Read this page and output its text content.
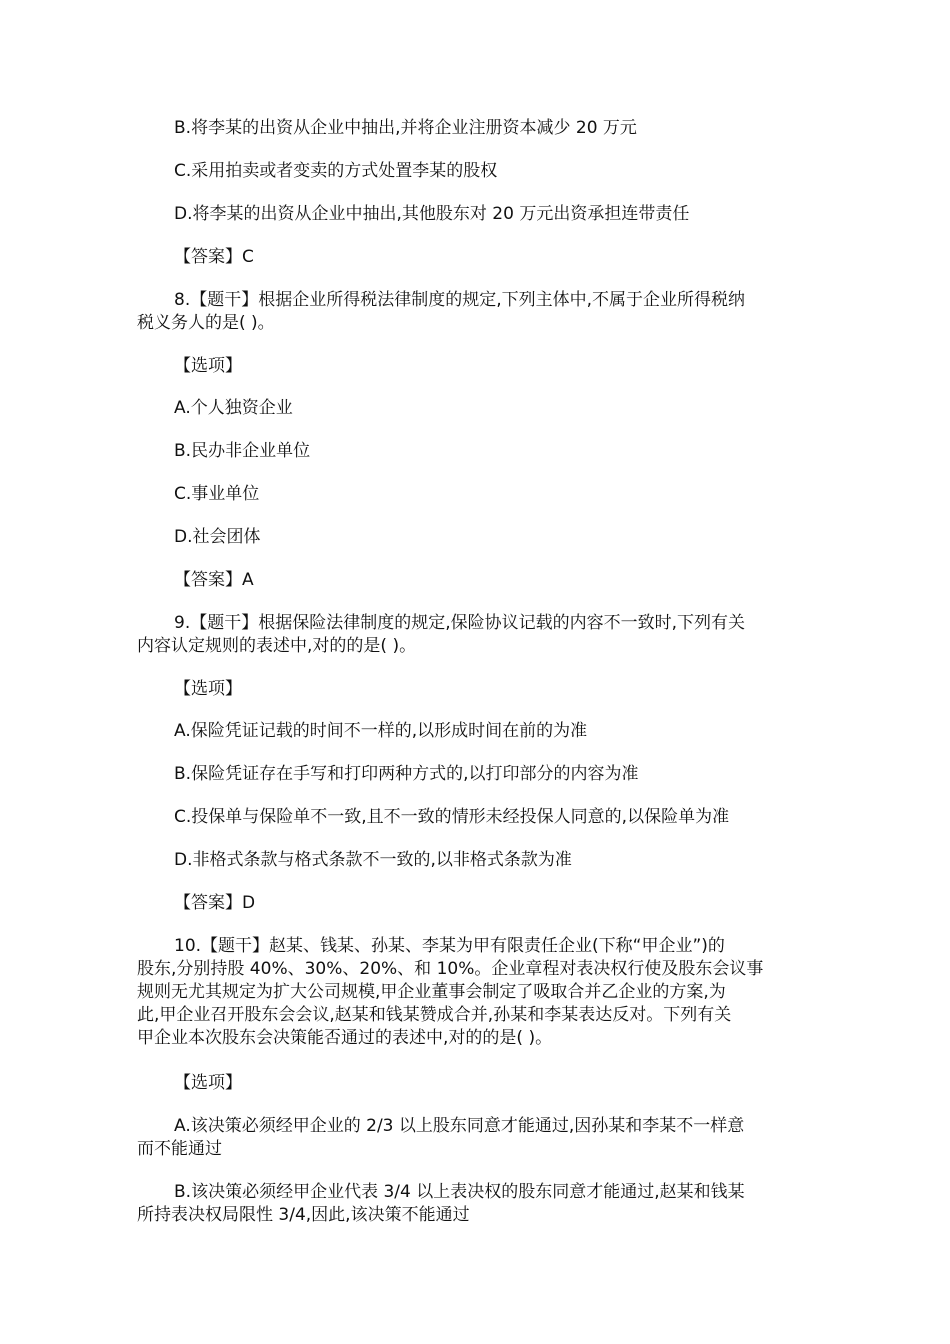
B.将李某的出资从企业中抽出,并将企业注册资本减少 20 万元
C.采用拍卖或者变卖的方式处置李某的股权
D.将李某的出资从企业中抽出,其他股东对 20 万元出资承担连带责任
【答案】C
8.【题干】根据企业所得税法律制度的规定,下列主体中,不属于企业所得税纳
税义务人的是( )。
【选项】
A.个人独资企业
B.民办非企业单位
C.事业单位
D.社会团体
【答案】A
9.【题干】根据保险法律制度的规定,保险协议记载的内容不一致时,下列有关
内容认定规则的表述中,对的的是( )。
【选项】
A.保险凭证记载的时间不一样的,以形成时间在前的为准
B.保险凭证存在手写和打印两种方式的,以打印部分的内容为准
C.投保单与保险单不一致,且不一致的情形未经投保人同意的,以保险单为准
D.非格式条款与格式条款不一致的,以非格式条款为准
【答案】D
10.【题干】赵某、钱某、孙某、李某为甲有限责任企业(下称“甲企业”)的
股东,分别持股 40%、30%、20%、和 10%。企业章程对表决权行使及股东会议事
规则无尤其规定为扩大公司规模,甲企业董事会制定了吸取合并乙企业的方案,为
此,甲企业召开股东会会议,赵某和钱某赞成合并,孙某和李某表达反对。下列有关
甲企业本次股东会决策能否通过的表述中,对的的是( )。
【选项】
A.该决策必须经甲企业的 2/3 以上股东同意才能通过,因孙某和李某不一样意
而不能通过
B.该决策必须经甲企业代表 3/4 以上表决权的股东同意才能通过,赵某和钱某
所持表决权局限性 3/4,因此,该决策不能通过
